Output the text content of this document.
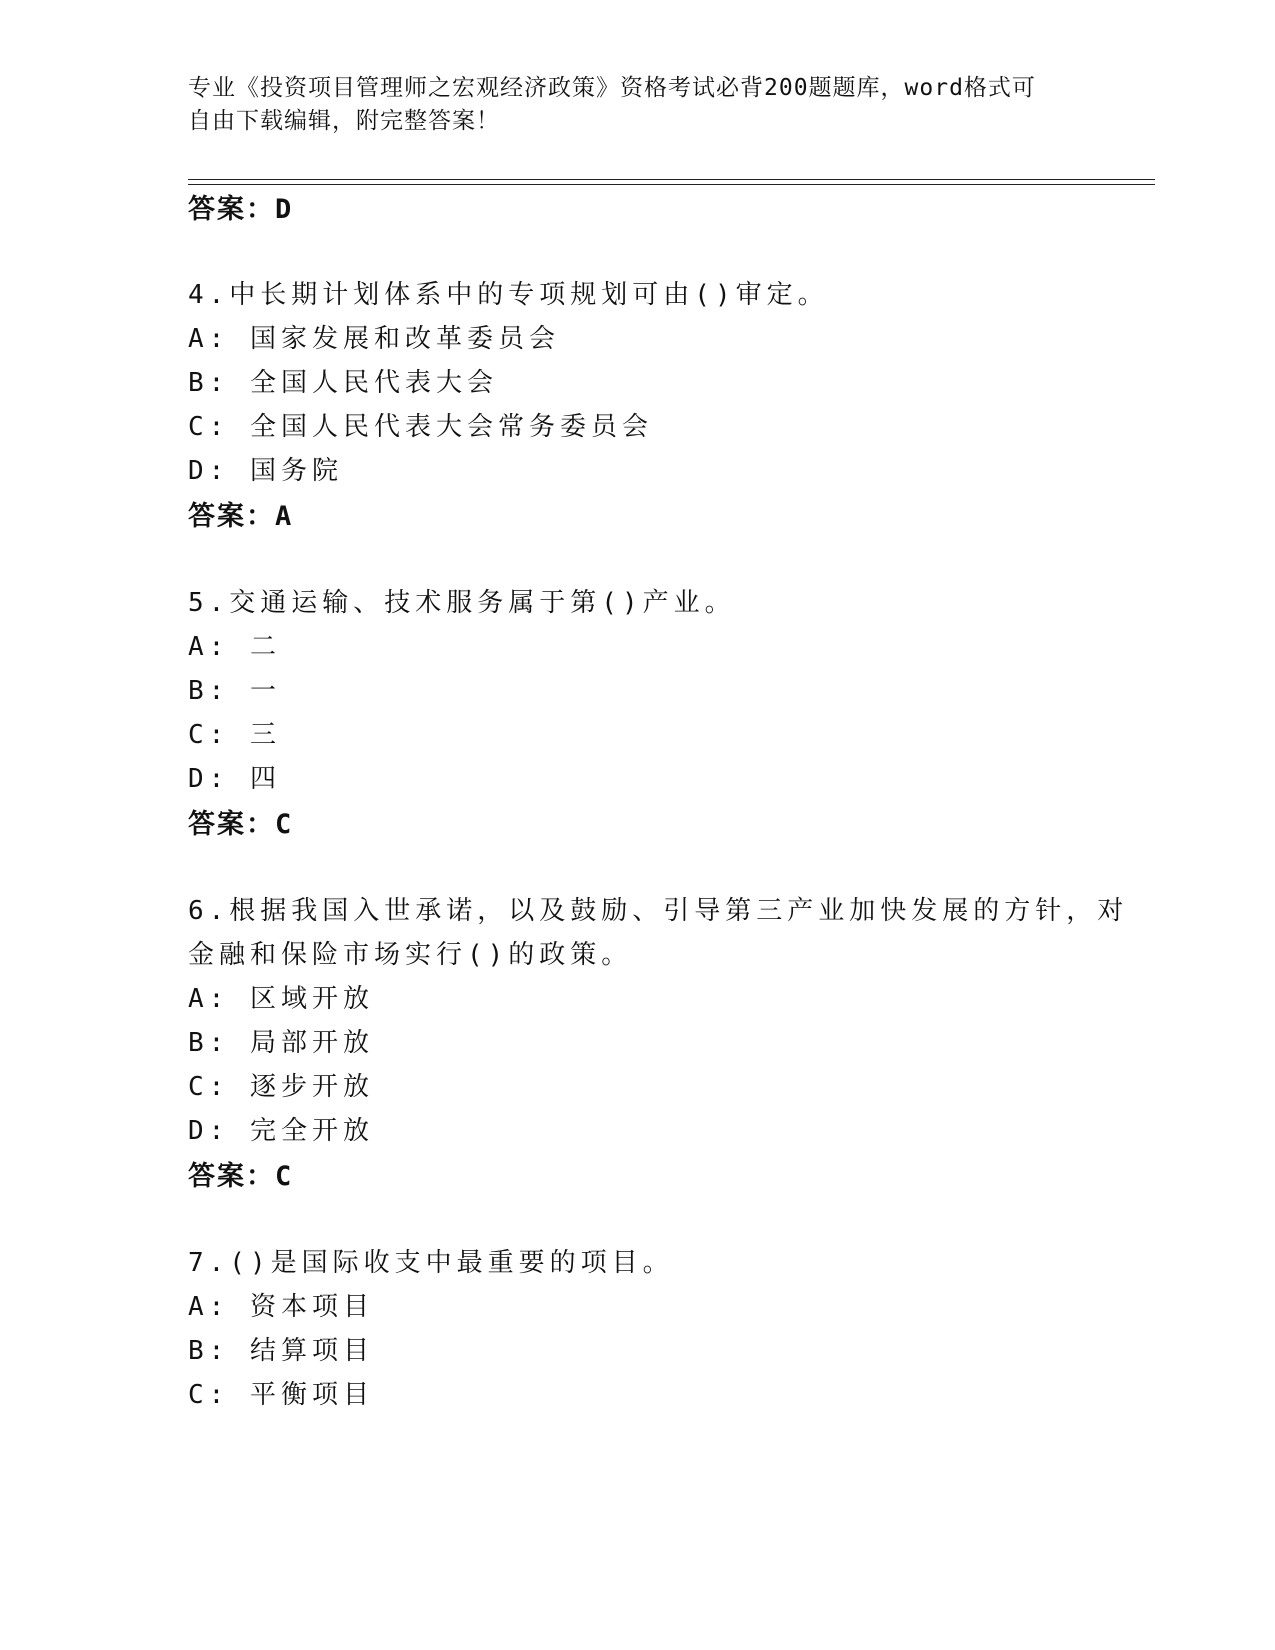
专业《投资项目管理师之宏观经济政策》资格考试必背200题题库，word格式可
自由下载编辑，附完整答案！
答案：D
4.中长期计划体系中的专项规划可由()审定。
A: 国家发展和改革委员会
B: 全国人民代表大会
C: 全国人民代表大会常务委员会
D: 国务院
答案：A
5.交通运输、技术服务属于第()产业。
A: 二
B: 一
C: 三
D: 四
答案：C
6.根据我国入世承诺，以及鼓励、引导第三产业加快发展的方针，对
金融和保险市场实行()的政策。
A: 区域开放
B: 局部开放
C: 逐步开放
D: 完全开放
答案：C
7.()是国际收支中最重要的项目。
A: 资本项目
B: 结算项目
C: 平衡项目
